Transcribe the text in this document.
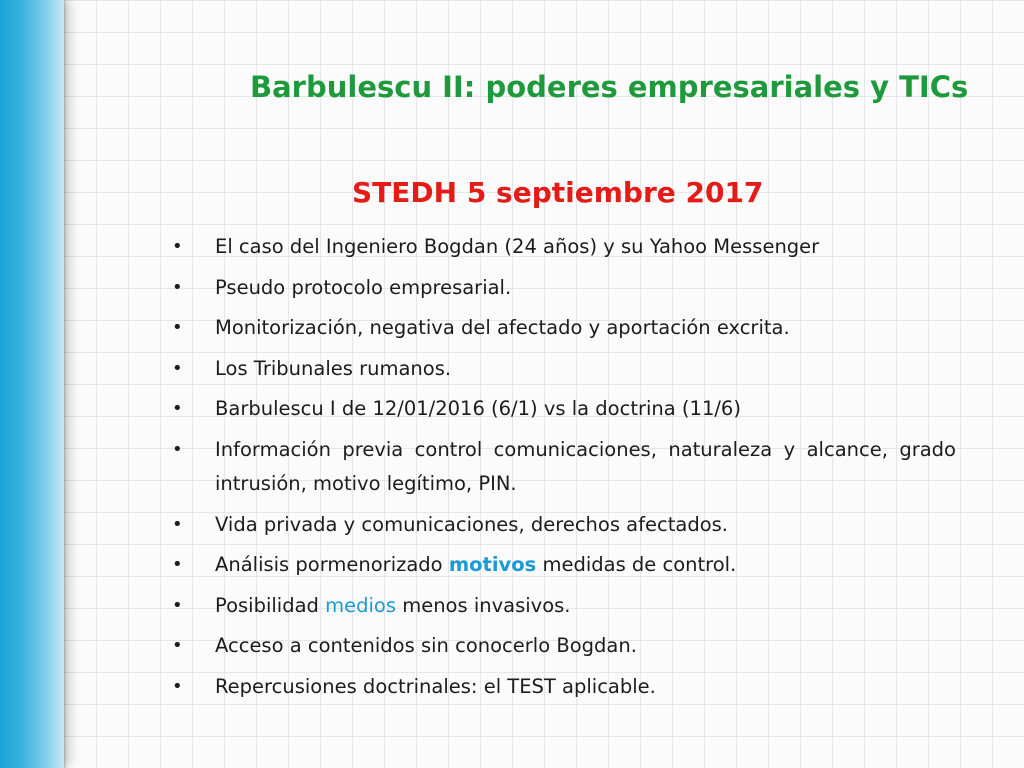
Barbulescu II: poderes empresariales y TICs
STEDH 5 septiembre 2017
• El caso del Ingeniero Bogdan (24 años) y su Yahoo Messenger
• Pseudo protocolo empresarial.
• Monitorización, negativa del afectado y aportación excrita.
• Los Tribunales rumanos.
• Barbulescu I de 12/01/2016 (6/1) vs la doctrina (11/6)
• Información previa control comunicaciones, naturaleza y alcance, grado intrusión, motivo legítimo, PIN.
• Vida privada y comunicaciones, derechos afectados.
• Análisis pormenorizado motivos medidas de control.
• Posibilidad medios menos invasivos.
• Acceso a contenidos sin conocerlo Bogdan.
• Repercusiones doctrinales: el TEST aplicable.
